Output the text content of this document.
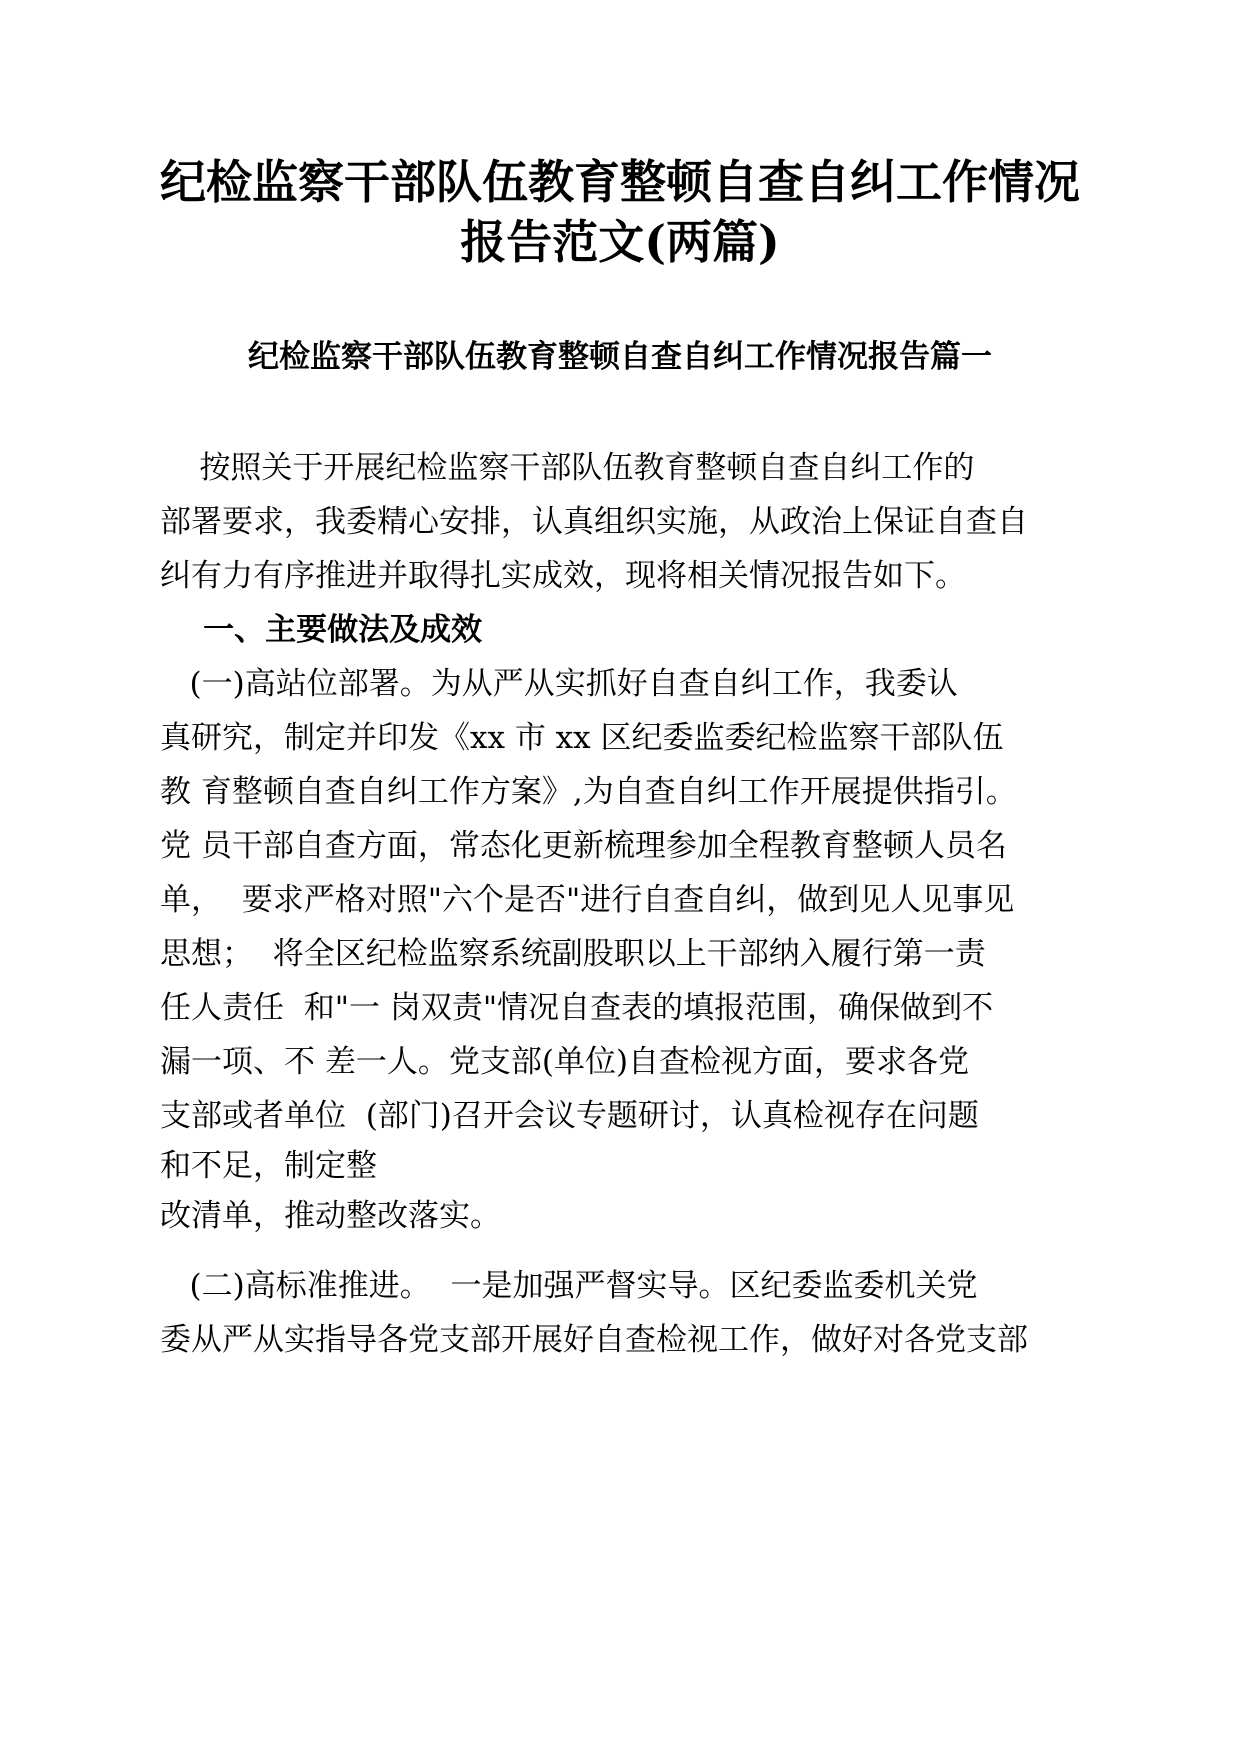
纪检监察干部队伍教育整顿自查自纠工作情况
报告范文(两篇)
纪检监察干部队伍教育整顿自查自纠工作情况报告篇一

按照关于开展纪检监察干部队伍教育整顿自查自纠工作的

部署要求，我委精心安排，认真组织实施，从政治上保证自查自

纠有力有序推进并取得扎实成效，现将相关情况报告如下。

一、主要做法及成效

(一)高站位部署。为从严从实抓好自查自纠工作，我委认

真研究，制定并印发《xx 市 xx 区纪委监委纪检监察干部队伍

教 育整顿自查自纠工作方案》,为自查自纠工作开展提供指引。

党 员干部自查方面，常态化更新梳理参加全程教育整顿人员名

单，  要求严格对照"六个是否"进行自查自纠，做到见人见事见

思想；  将全区纪检监察系统副股职以上干部纳入履行第一责

任人责任  和"一 岗双责"情况自查表的填报范围，确保做到不

漏一项、不 差一人。党支部(单位)自查检视方面，要求各党

支部或者单位  (部门)召开会议专题研讨，认真检视存在问题

和不足，制定整

改清单，推动整改落实。

(二)高标准推进。  一是加强严督实导。区纪委监委机关党

委从严从实指导各党支部开展好自查检视工作，做好对各党支部
